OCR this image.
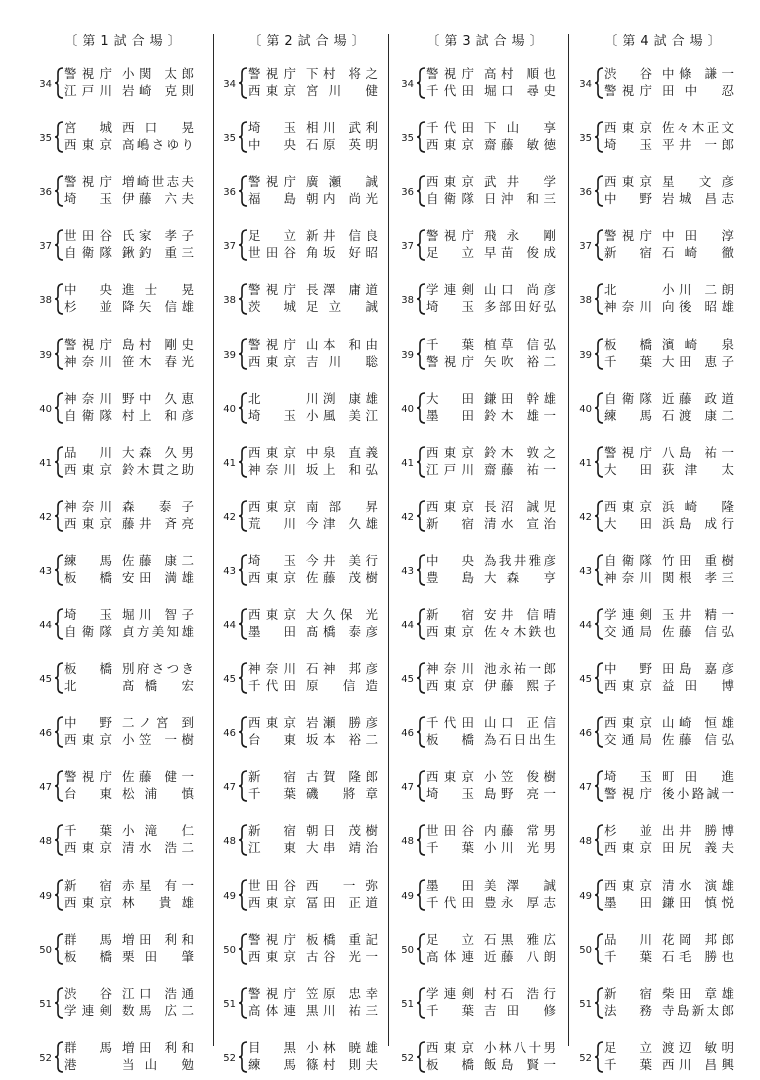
〔第1試合場〕
34
警視庁 小関 太郎
江戸川 岩崎 克則
35
宮 城 西口 晃
西東京 高嶋さゆり
36
警視庁 増崎世志夫
埼 玉 伊藤 六夫
37
世田谷 氏家 孝子
自衛隊 鍬釣 重三
38
中 央 進士 晃
杉 並 降矢 信雄
39
警視庁 島村 剛史
神奈川 笹木 春光
40
神奈川 野中 久恵
自衛隊 村上 和彦
41
品 川 大森 久男
西東京 鈴木貫之助
42
神奈川 森 泰子
西東京 藤井 斉亮
43
練 馬 佐藤 康二
板 橋 安田 満雄
44
埼 玉 堀川 智子
自衛隊 貞方美知雄
45
板 橋 別府さつき
北	髙橋 宏
46
中 野 二ノ宮 到
西東京 小笠 一樹
47
警視庁 佐藤 健一
台 東 松浦 慎
48
千 葉 小滝 仁
西東京 清水 浩二
49
新 宿 赤星 有一
西東京 林 貴雄
50
群 馬 増田 利和
板 橋 栗田 肇
51
渋 谷 江口 浩通
学連剣 数馬 広二
52
群 馬 増田 利和
港	当山 勉
〔第2試合場〕
34
警視庁 下村 将之
西東京 宮川 健
35
埼 玉 相川 武利
中 央 石原 英明
36
警視庁 廣瀬 誠
福 島 朝内 尚光
37
足 立 新井 信良
世田谷 角坂 好昭
38
警視庁 長澤 庸道
茨 城 足立 誠
39
警視庁 山本 和由
西東京 吉川 聡
40
北	川渕 康雄
埼 玉 小風 美江
41
西東京 中泉 直義
神奈川 坂上 和弘
42
西東京 南部 昇
荒 川 今津 久雄
43
埼 玉 今井 美行
西東京 佐藤 茂樹
44
西東京 大久保 光
墨 田 髙橋 泰彦
45
神奈川 石神 邦彦
千代田 原 信造
46
西東京 岩瀬 勝彦
台 東 坂本 裕二
47
新 宿 古賀 隆郎
千 葉 磯 將章
48
新 宿 朝日 茂樹
江 東 大串 靖治
49
世田谷 西 一弥
西東京 冨田 正道
50
警視庁 板橋 重記
西東京 古谷 光一
51
警視庁 笠原 忠幸
高体連 黒川 祐三
52
目 黒 小林 暁雄
練 馬 篠村 則夫
〔第3試合場〕
34
警視庁 高村 順也
千代田 堀口 尋史
35
千代田 下山 享
西東京 齋藤 敏徳
36
西東京 武井 学
自衛隊 日沖 和三
37
警視庁 飛永 剛
足 立 早苗 俊成
38
学連剣 山口 尚彦
埼 玉 多部田好弘
39
千 葉 植草 信弘
警視庁 矢吹 裕二
40
大 田 鎌田 幹雄
墨 田 鈴木 雄一
41
西東京 鈴木 敦之
江戸川 齋藤 祐一
42
西東京 長沼 誠児
新 宿 清水 宣治
43
中 央 為我井雅彦
豊 島 大森 亨
44
新 宿 安井 信晴
西東京 佐々木鉄也
45
神奈川 池永祐一郎
西東京 伊藤 熙子
46
千代田 山口 正信
板 橋 為石日出生
47
西東京 小笠 俊樹
埼 玉 島野 亮一
48
世田谷 内藤 常男
千 葉 小川 光男
49
墨 田 美澤 誠
千代田 豊永 厚志
50
足 立 石黒 雅広
高体連 近藤 八朗
51
学連剣 村石 浩行
千 葉 吉田 修
52
西東京 小林八十男
板 橋 飯島 賢一
〔第4試合場〕
34
渋 谷 中條 謙一
警視庁 田中 忍
35
西東京 佐々木正文
埼 玉 平井 一郎
36
西東京 星 文彦
中 野 岩城 昌志
37
警視庁 中田 淳
新 宿 石崎 徹
38
北	小川 二朗
神奈川 向後 昭雄
39
板 橋 濱崎 泉
千 葉 大田 恵子
40
自衛隊 近藤 政道
練 馬 石渡 康二
41
警視庁 八島 祐一
大 田 荻津 太
42
西東京 浜崎 隆
大 田 浜島 成行
43
自衛隊 竹田 重樹
神奈川 関根 孝三
44
学連剣 玉井 精一
交通局 佐藤 信弘
45
中 野 田島 嘉彦
西東京 益田 博
46
西東京 山崎 恒雄
交通局 佐藤 信弘
47
埼 玉 町田 進
警視庁 後小路誠一
48
杉 並 出井 勝博
西東京 田尻 義夫
49
西東京 清水 演雄
墨 田 鎌田 慎悦
50
品 川 花岡 邦郎
千 葉 石毛 勝也
51
新 宿 柴田 章雄
法 務 寺島新太郎
52
足 立 渡辺 敏明
千 葉 西川 昌興
